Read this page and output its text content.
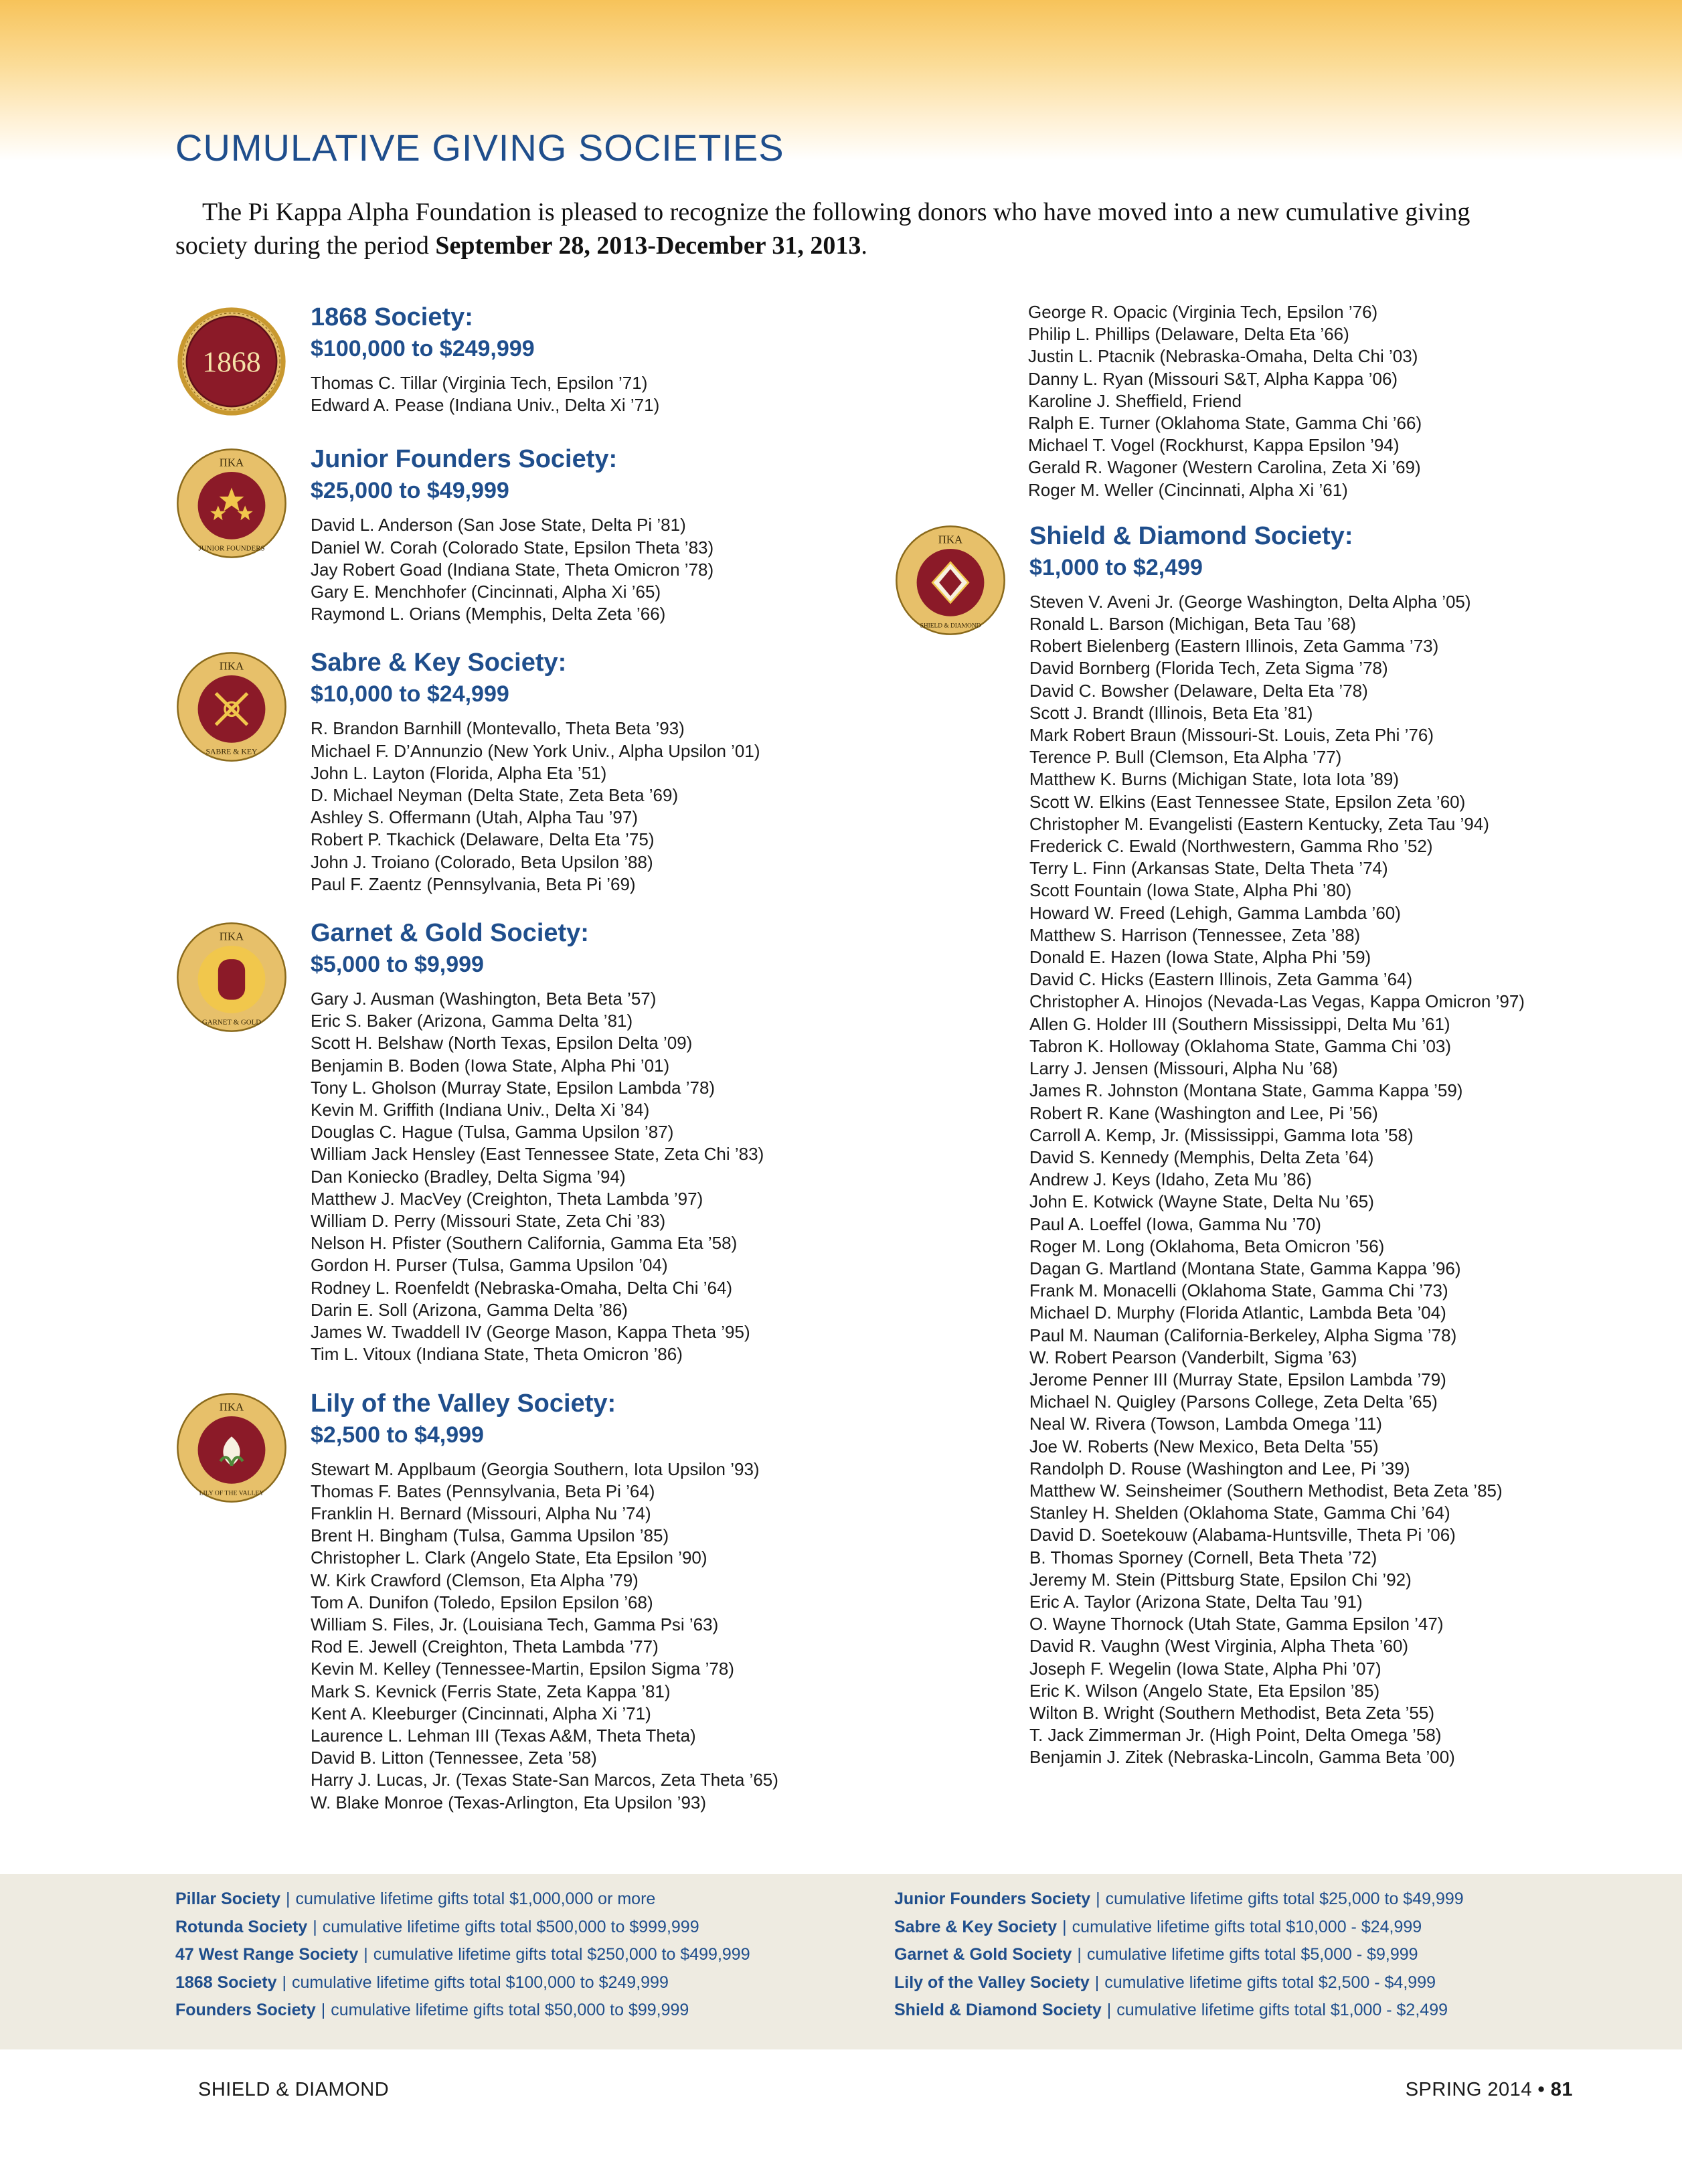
CUMULATIVE GIVING SOCIETIES

The Pi Kappa Alpha Foundation is pleased to recognize the following donors who have moved into a new cumulative giving society during the period September 28, 2013-December 31, 2013.

1868
1868 Society:
$100,000 to $249,999
Thomas C. Tillar (Virginia Tech, Epsilon ’71)
Edward A. Pease (Indiana Univ., Delta Xi ’71)
ΠΚΑ
JUNIOR FOUNDERS
Junior Founders Society:
$25,000 to $49,999
David L. Anderson (San Jose State, Delta Pi ’81)
Daniel W. Corah (Colorado State, Epsilon Theta ’83)
Jay Robert Goad (Indiana State, Theta Omicron ’78)
Gary E. Menchhofer (Cincinnati, Alpha Xi ’65)
Raymond L. Orians (Memphis, Delta Zeta ’66)
ΠΚΑ
SABRE & KEY
Sabre & Key Society:
$10,000 to $24,999
R. Brandon Barnhill (Montevallo, Theta Beta ’93)
Michael F. D’Annunzio (New York Univ., Alpha Upsilon ’01)
John L. Layton (Florida, Alpha Eta ’51)
D. Michael Neyman (Delta State, Zeta Beta ’69)
Ashley S. Offermann (Utah, Alpha Tau ’97)
Robert P. Tkachick (Delaware, Delta Eta ’75)
John J. Troiano (Colorado, Beta Upsilon ’88)
Paul F. Zaentz (Pennsylvania, Beta Pi ’69)
ΠΚΑ
GARNET & GOLD
Garnet & Gold Society:
$5,000 to $9,999
Gary J. Ausman (Washington, Beta Beta ’57)
Eric S. Baker (Arizona, Gamma Delta ’81)
Scott H. Belshaw (North Texas, Epsilon Delta ’09)
Benjamin B. Boden (Iowa State, Alpha Phi ’01)
Tony L. Gholson (Murray State, Epsilon Lambda ’78)
Kevin M. Griffith (Indiana Univ., Delta Xi ’84)
Douglas C. Hague (Tulsa, Gamma Upsilon ’87)
William Jack Hensley (East Tennessee State, Zeta Chi ’83)
Dan Koniecko (Bradley, Delta Sigma ’94)
Matthew J. MacVey (Creighton, Theta Lambda ’97)
William D. Perry (Missouri State, Zeta Chi ’83)
Nelson H. Pfister (Southern California, Gamma Eta ’58)
Gordon H. Purser (Tulsa, Gamma Upsilon ’04)
Rodney L. Roenfeldt (Nebraska-Omaha, Delta Chi ’64)
Darin E. Soll (Arizona, Gamma Delta ’86)
James W. Twaddell IV (George Mason, Kappa Theta ’95)
Tim L. Vitoux (Indiana State, Theta Omicron ’86)
ΠΚΑ
LILY OF THE VALLEY
Lily of the Valley Society:
$2,500 to $4,999
Stewart M. Applbaum (Georgia Southern, Iota Upsilon ’93)
Thomas F. Bates (Pennsylvania, Beta Pi ’64)
Franklin H. Bernard (Missouri, Alpha Nu ’74)
Brent H. Bingham (Tulsa, Gamma Upsilon ’85)
Christopher L. Clark (Angelo State, Eta Epsilon ’90)
W. Kirk Crawford (Clemson, Eta Alpha ’79)
Tom A. Dunifon (Toledo, Epsilon Epsilon ’68)
William S. Files, Jr. (Louisiana Tech, Gamma Psi ’63)
Rod E. Jewell (Creighton, Theta Lambda ’77)
Kevin M. Kelley (Tennessee-Martin, Epsilon Sigma ’78)
Mark S. Kevnick (Ferris State, Zeta Kappa ’81)
Kent A. Kleeburger (Cincinnati, Alpha Xi ’71)
Laurence L. Lehman III (Texas A&M, Theta Theta)
David B. Litton (Tennessee, Zeta ’58)
Harry J. Lucas, Jr. (Texas State-San Marcos, Zeta Theta ’65)
W. Blake Monroe (Texas-Arlington, Eta Upsilon ’93)
George R. Opacic (Virginia Tech, Epsilon ’76)
Philip L. Phillips (Delaware, Delta Eta ’66)
Justin L. Ptacnik (Nebraska-Omaha, Delta Chi ’03)
Danny L. Ryan (Missouri S&T, Alpha Kappa ’06)
Karoline J. Sheffield, Friend
Ralph E. Turner (Oklahoma State, Gamma Chi ’66)
Michael T. Vogel (Rockhurst, Kappa Epsilon ’94)
Gerald R. Wagoner (Western Carolina, Zeta Xi ’69)
Roger M. Weller (Cincinnati, Alpha Xi ’61)
ΠΚΑ
SHIELD & DIAMOND
Shield & Diamond Society:
$1,000 to $2,499
Steven V. Aveni Jr. (George Washington, Delta Alpha ’05)
Ronald L. Barson (Michigan, Beta Tau ’68)
Robert Bielenberg (Eastern Illinois, Zeta Gamma ’73)
David Bornberg (Florida Tech, Zeta Sigma ’78)
David C. Bowsher (Delaware, Delta Eta ’78)
Scott J. Brandt (Illinois, Beta Eta ’81)
Mark Robert Braun (Missouri-St. Louis, Zeta Phi ’76)
Terence P. Bull (Clemson, Eta Alpha ’77)
Matthew K. Burns (Michigan State, Iota Iota ’89)
Scott W. Elkins (East Tennessee State, Epsilon Zeta ’60)
Christopher M. Evangelisti (Eastern Kentucky, Zeta Tau ’94)
Frederick C. Ewald (Northwestern, Gamma Rho ’52)
Terry L. Finn (Arkansas State, Delta Theta ’74)
Scott Fountain (Iowa State, Alpha Phi ’80)
Howard W. Freed (Lehigh, Gamma Lambda ’60)
Matthew S. Harrison (Tennessee, Zeta ’88)
Donald E. Hazen (Iowa State, Alpha Phi ’59)
David C. Hicks (Eastern Illinois, Zeta Gamma ’64)
Christopher A. Hinojos (Nevada-Las Vegas, Kappa Omicron ’97)
Allen G. Holder III (Southern Mississippi, Delta Mu ’61)
Tabron K. Holloway (Oklahoma State, Gamma Chi ’03)
Larry J. Jensen (Missouri, Alpha Nu ’68)
James R. Johnston (Montana State, Gamma Kappa ’59)
Robert R. Kane (Washington and Lee, Pi ’56)
Carroll A. Kemp, Jr. (Mississippi, Gamma Iota ’58)
David S. Kennedy (Memphis, Delta Zeta ’64)
Andrew J. Keys (Idaho, Zeta Mu ’86)
John E. Kotwick (Wayne State, Delta Nu ’65)
Paul A. Loeffel (Iowa, Gamma Nu ’70)
Roger M. Long (Oklahoma, Beta Omicron ’56)
Dagan G. Martland (Montana State, Gamma Kappa ’96)
Frank M. Monacelli (Oklahoma State, Gamma Chi ’73)
Michael D. Murphy (Florida Atlantic, Lambda Beta ’04)
Paul M. Nauman (California-Berkeley, Alpha Sigma ’78)
W. Robert Pearson (Vanderbilt, Sigma ’63)
Jerome Penner III (Murray State, Epsilon Lambda ’79)
Michael N. Quigley (Parsons College, Zeta Delta ’65)
Neal W. Rivera (Towson, Lambda Omega ’11)
Joe W. Roberts (New Mexico, Beta Delta ’55)
Randolph D. Rouse (Washington and Lee, Pi ’39)
Matthew W. Seinsheimer (Southern Methodist, Beta Zeta ’85)
Stanley H. Shelden (Oklahoma State, Gamma Chi ’64)
David D. Soetekouw (Alabama-Huntsville, Theta Pi ’06)
B. Thomas Sporney (Cornell, Beta Theta ’72)
Jeremy M. Stein (Pittsburg State, Epsilon Chi ’92)
Eric A. Taylor (Arizona State, Delta Tau ’91)
O. Wayne Thornock (Utah State, Gamma Epsilon ’47)
David R. Vaughn (West Virginia, Alpha Theta ’60)
Joseph F. Wegelin (Iowa State, Alpha Phi ’07)
Eric K. Wilson (Angelo State, Eta Epsilon ’85)
Wilton B. Wright (Southern Methodist, Beta Zeta ’55)
T. Jack Zimmerman Jr. (High Point, Delta Omega ’58)
Benjamin J. Zitek (Nebraska-Lincoln, Gamma Beta ’00)
Pillar Society | cumulative lifetime gifts total $1,000,000 or more
Rotunda Society | cumulative lifetime gifts total $500,000 to $999,999
47 West Range Society | cumulative lifetime gifts total $250,000 to $499,999
1868 Society | cumulative lifetime gifts total $100,000 to $249,999
Founders Society | cumulative lifetime gifts total $50,000 to $99,999
Junior Founders Society | cumulative lifetime gifts total $25,000 to $49,999
Sabre & Key Society | cumulative lifetime gifts total $10,000 - $24,999
Garnet & Gold Society | cumulative lifetime gifts total $5,000 - $9,999
Lily of the Valley Society | cumulative lifetime gifts total $2,500 - $4,999
Shield & Diamond Society | cumulative lifetime gifts total $1,000 - $2,499
SHIELD & DIAMOND	SPRING 2014 • 81
